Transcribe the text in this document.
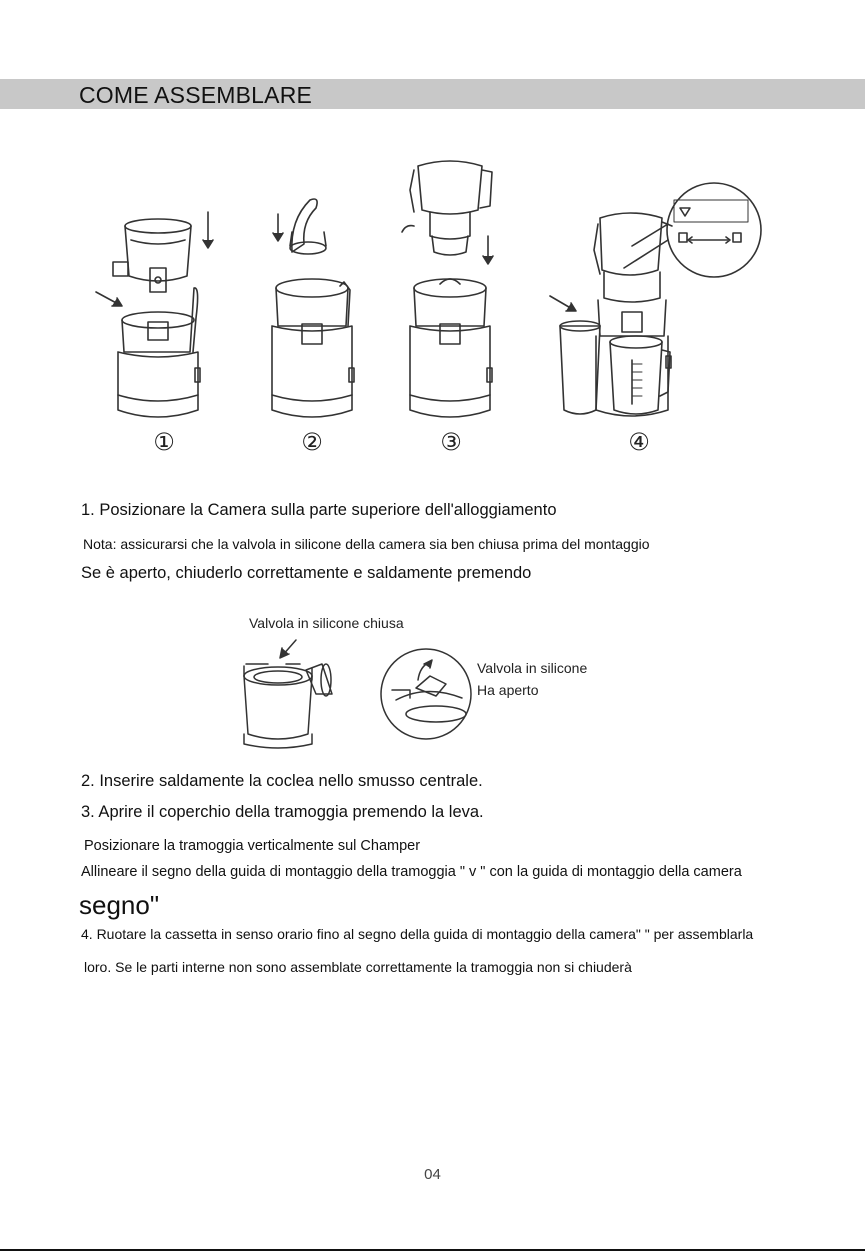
COME ASSEMBLARE
①	②	③	④
1. Posizionare la Camera sulla parte superiore dell'alloggiamento
Nota: assicurarsi che la valvola in silicone della camera sia ben chiusa prima del montaggio
Se è aperto, chiuderlo correttamente e saldamente premendo
Valvola in silicone chiusa
Valvola in silicone
Ha aperto
2. Inserire saldamente la coclea nello smusso centrale.
3. Aprire il coperchio della tramoggia premendo la leva.
Posizionare la tramoggia verticalmente sul Champer
Allineare il segno della guida di montaggio della tramoggia " v " con la guida di montaggio della camera
segno"
4. Ruotare la cassetta in senso orario fino al segno della guida di montaggio della camera" " per assemblarla
loro. Se le parti interne non sono assemblate correttamente la tramoggia non si chiuderà
04
